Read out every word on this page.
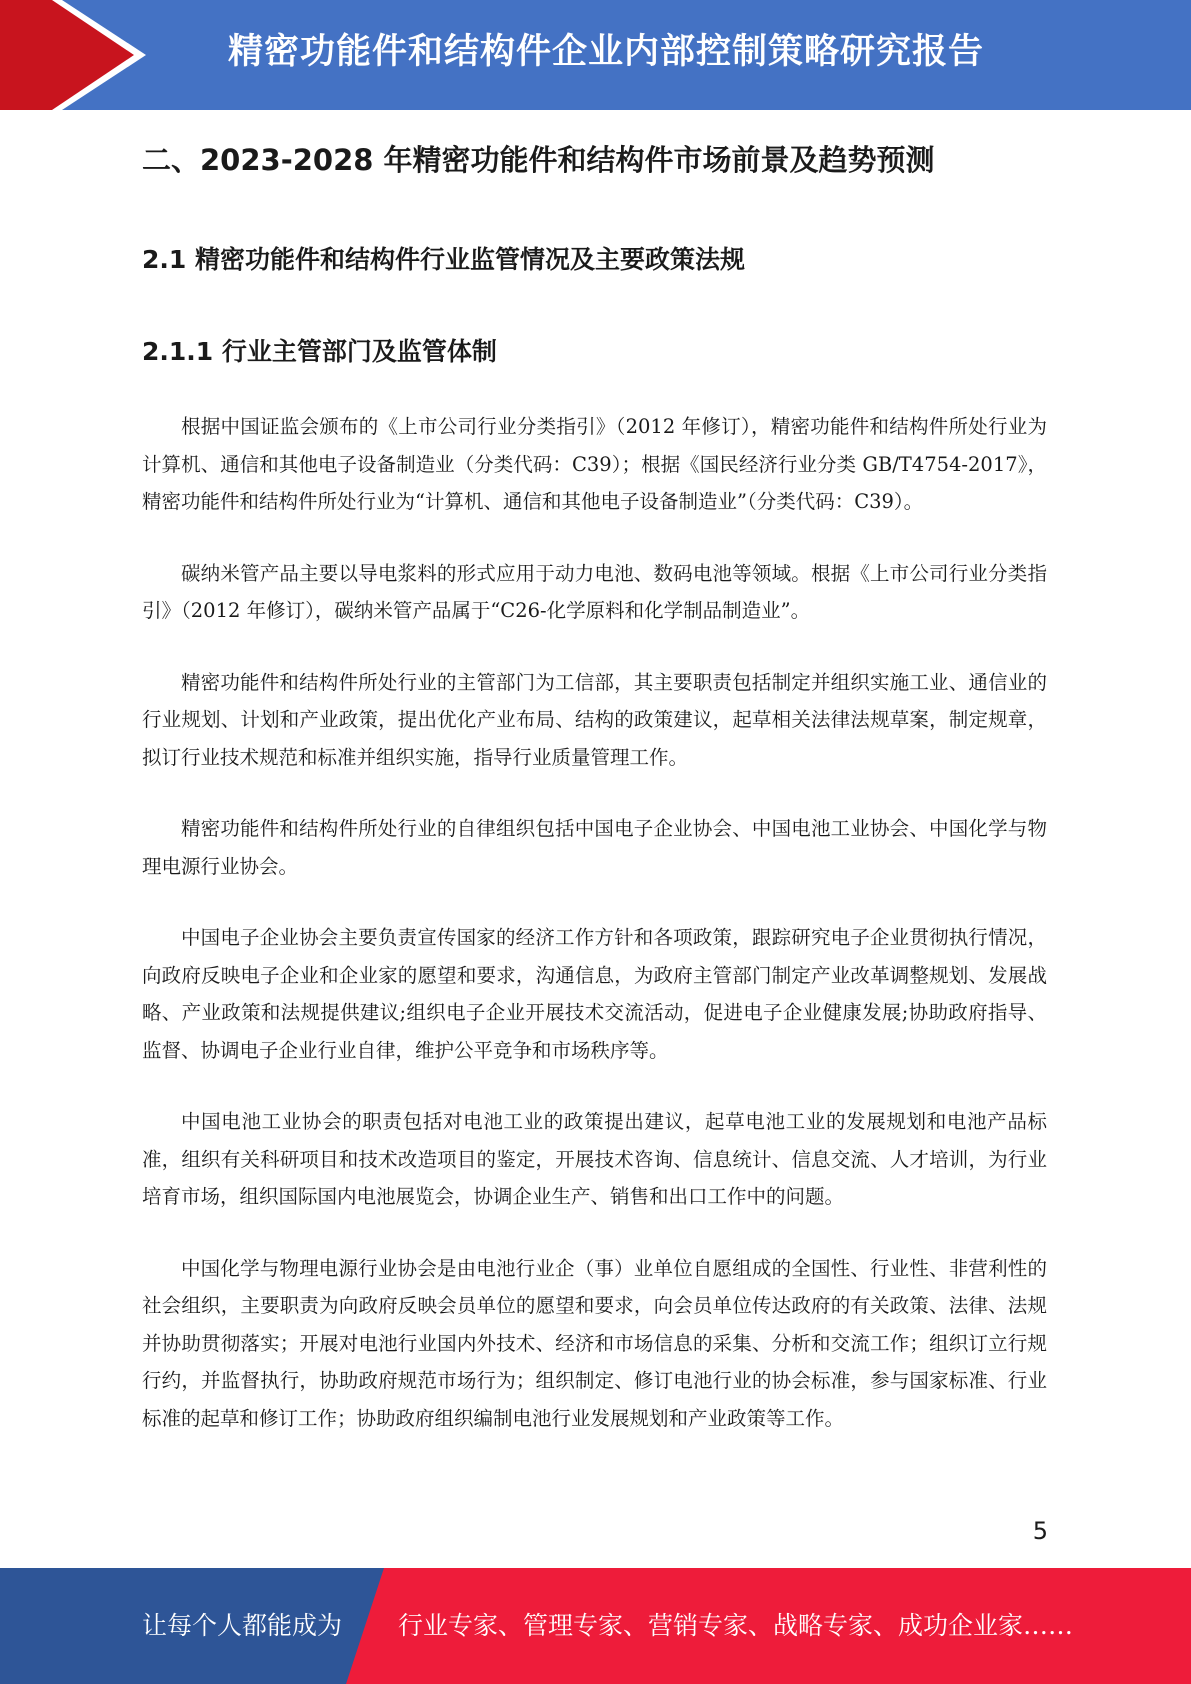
精密功能件和结构件企业内部控制策略研究报告
二、2023-2028 年精密功能件和结构件市场前景及趋势预测
2.1 精密功能件和结构件行业监管情况及主要政策法规
2.1.1 行业主管部门及监管体制

根据中国证监会颁布的《上市公司行业分类指引》（2012 年修订），精密功能件和结构件所处行业为计算机、通信和其他电子设备制造业（分类代码：C39）；根据《国民经济行业分类 GB/T4754-2017》，精密功能件和结构件所处行业为“计算机、通信和其他电子设备制造业”（分类代码：C39）。

碳纳米管产品主要以导电浆料的形式应用于动力电池、数码电池等领域。根据《上市公司行业分类指引》（2012 年修订），碳纳米管产品属于“C26-化学原料和化学制品制造业”。

精密功能件和结构件所处行业的主管部门为工信部，其主要职责包括制定并组织实施工业、通信业的行业规划、计划和产业政策，提出优化产业布局、结构的政策建议，起草相关法律法规草案，制定规章，拟订行业技术规范和标准并组织实施，指导行业质量管理工作。

精密功能件和结构件所处行业的自律组织包括中国电子企业协会、中国电池工业协会、中国化学与物理电源行业协会。

中国电子企业协会主要负责宣传国家的经济工作方针和各项政策，跟踪研究电子企业贯彻执行情况，向政府反映电子企业和企业家的愿望和要求，沟通信息，为政府主管部门制定产业改革调整规划、发展战略、产业政策和法规提供建议;组织电子企业开展技术交流活动，促进电子企业健康发展;协助政府指导、监督、协调电子企业行业自律，维护公平竞争和市场秩序等。

中国电池工业协会的职责包括对电池工业的政策提出建议，起草电池工业的发展规划和电池产品标准，组织有关科研项目和技术改造项目的鉴定，开展技术咨询、信息统计、信息交流、人才培训，为行业培育市场，组织国际国内电池展览会，协调企业生产、销售和出口工作中的问题。

中国化学与物理电源行业协会是由电池行业企（事）业单位自愿组成的全国性、行业性、非营利性的社会组织，主要职责为向政府反映会员单位的愿望和要求，向会员单位传达政府的有关政策、法律、法规并协助贯彻落实；开展对电池行业国内外技术、经济和市场信息的采集、分析和交流工作；组织订立行规行约，并监督执行，协助政府规范市场行为；组织制定、修订电池行业的协会标准，参与国家标准、行业标准的起草和修订工作；协助政府组织编制电池行业发展规划和产业政策等工作。

5
让每个人都能成为 行业专家、管理专家、营销专家、战略专家、成功企业家……
